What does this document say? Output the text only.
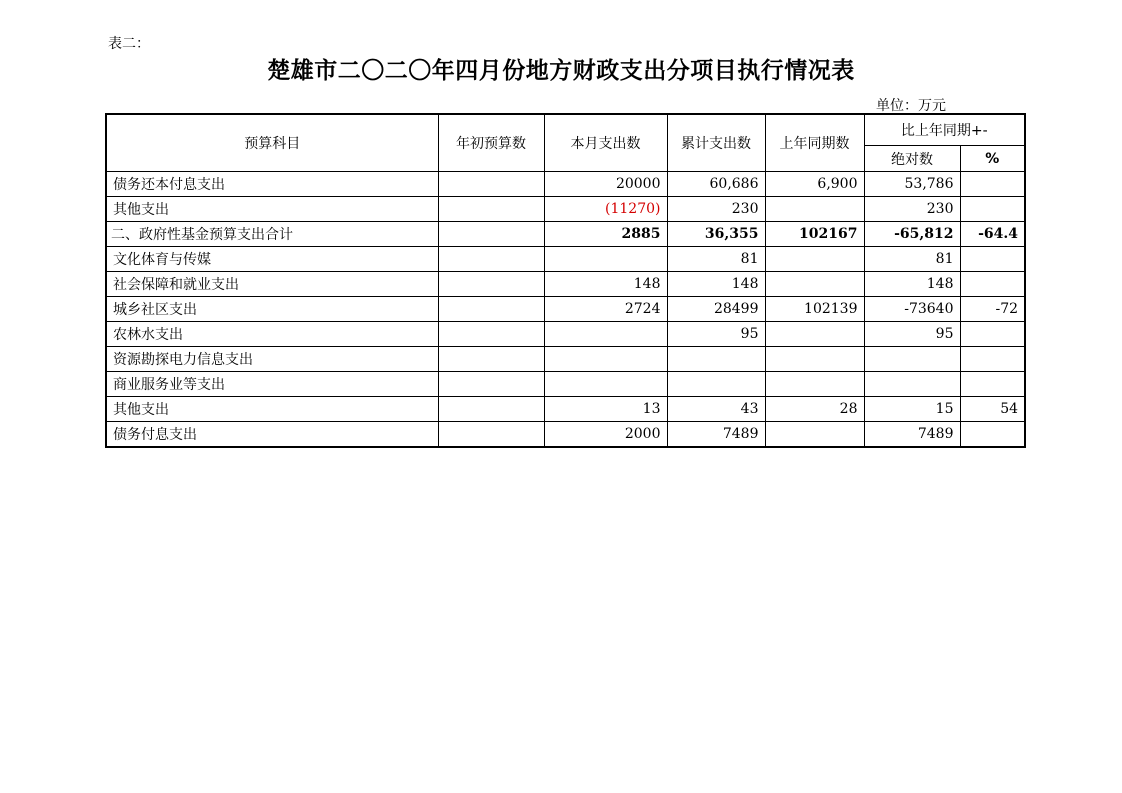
表二：
楚雄市二〇二〇年四月份地方财政支出分项目执行情况表
单位：万元
预算科目	年初预算数	本月支出数	累计支出数	上年同期数	比上年同期+-	
					绝对数	%
债务还本付息支出		20000	60,686	6,900	53,786	
其他支出		(11270)	230		230	
二、政府性基金预算支出合计		2885	36,355	102167	-65,812	-64.4
文化体育与传媒			81		81	
社会保障和就业支出		148	148		148	
城乡社区支出		2724	28499	102139	-73640	-72
农林水支出			95		95	
资源勘探电力信息支出						
商业服务业等支出						
其他支出		13	43	28	15	54
债务付息支出		2000	7489		7489	
